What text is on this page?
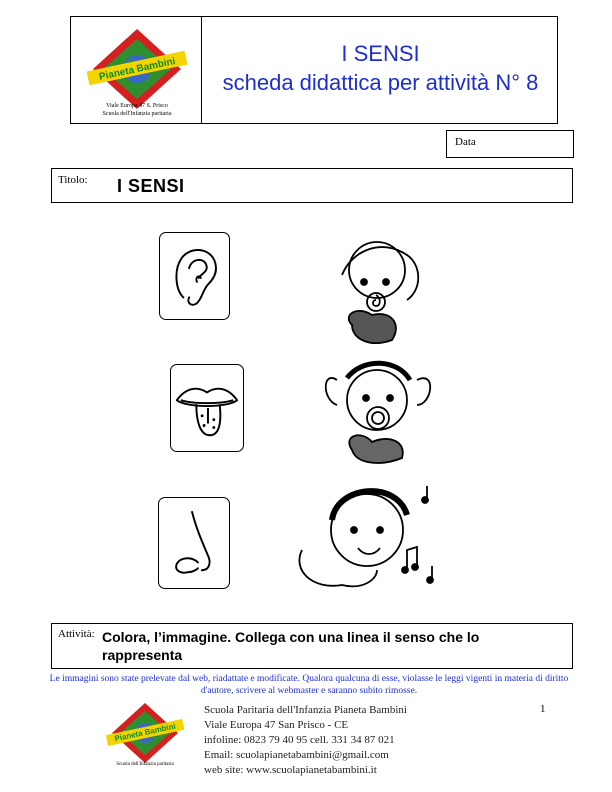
Pianeta Bambini
Viale Europa 47 S. Prisco
Scuola dell'Infanzia paritaria
I SENSI
scheda didattica per attività N° 8
Data
Titolo: I SENSI
Attività: Colora, l’immagine. Collega con una linea il senso che lo rappresenta
Le immagini sono state prelevate dal web, riadattate e modificate. Qualora qualcuna di esse, violasse le leggi vigenti in materia di diritto d'autore, scrivere al webmaster e saranno subito rimosse.
Pianeta Bambini
Scuola dell'Infanzia paritaria
Scuola Paritaria dell'Infanzia Pianeta Bambini
Viale Europa 47 San Prisco - CE
infoline: 0823 79 40 95 cell. 331 34 87 021
Email: scuolapianetabambini@gmail.com
web site: www.scuolapianetabambini.it
1
